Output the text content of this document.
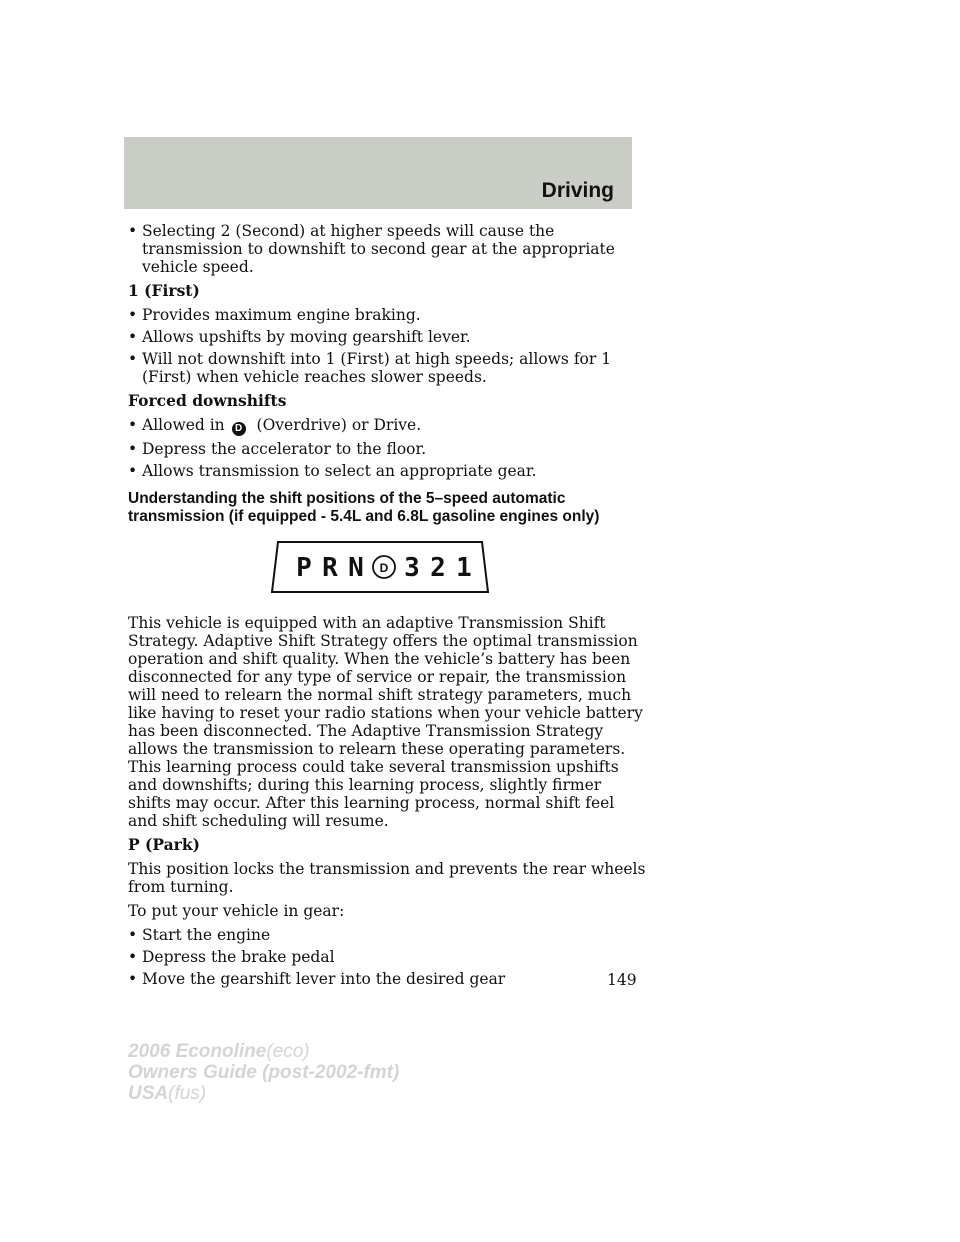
Driving
• Selecting 2 (Second) at higher speeds will cause the transmission to downshift to second gear at the appropriate vehicle speed.
1 (First)
• Provides maximum engine braking.
• Allows upshifts by moving gearshift lever.
• Will not downshift into 1 (First) at high speeds; allows for 1 (First) when vehicle reaches slower speeds.
Forced downshifts
• Allowed in D (Overdrive) or Drive.
• Depress the accelerator to the floor.
• Allows transmission to select an appropriate gear.
Understanding the shift positions of the 5–speed automatic transmission (if equipped - 5.4L and 6.8L gasoline engines only)
P R N D 3 2 1
This vehicle is equipped with an adaptive Transmission Shift Strategy. Adaptive Shift Strategy offers the optimal transmission operation and shift quality. When the vehicle’s battery has been disconnected for any type of service or repair, the transmission will need to relearn the normal shift strategy parameters, much like having to reset your radio stations when your vehicle battery has been disconnected. The Adaptive Transmission Strategy allows the transmission to relearn these operating parameters. This learning process could take several transmission upshifts and downshifts; during this learning process, slightly firmer shifts may occur. After this learning process, normal shift feel and shift scheduling will resume.
P (Park)
This position locks the transmission and prevents the rear wheels from turning.
To put your vehicle in gear:
• Start the engine
• Depress the brake pedal
• Move the gearshift lever into the desired gear	149
2006 Econoline(eco)
Owners Guide (post-2002-fmt)
USA(fus)
